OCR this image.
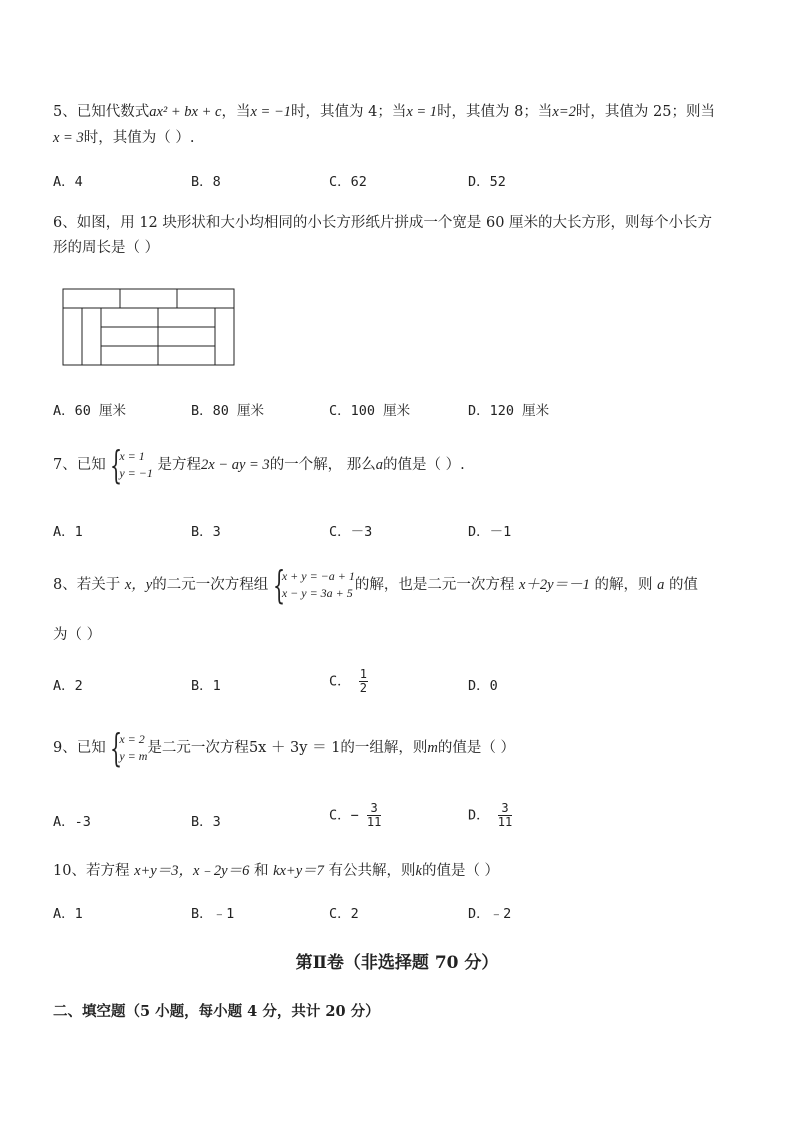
5、已知代数式ax² + bx + c，当x = −1时，其值为 4；当x = 1时，其值为 8；当x=2时，其值为 25；则当
x = 3时，其值为（ ）.
A．4	B．8	C．62	D．52
6、如图，用 12 块形状和大小均相同的小长方形纸片拼成一个宽是 60 厘米的大长方形，则每个小长方
形的周长是（ ）
A．60 厘米	B．80 厘米	C．100 厘米	D．120 厘米
7、已知 {
x = 1
y = −1 是方程2x − ay = 3的一个解， 那么a的值是（ ）.
A．1	B．3	C．－3	D．－1
8、若关于 x，y的二元一次方程组 {
x + y = −a + 1
x − y = 3a + 5 的解，也是二元一次方程 x＋2y＝－1 的解，则 a 的值
为（ ）
A．2	B．1	C． $\frac{1}{2}$	D．0
9、已知 {
x = 2
y = m 是二元一次方程5x ＋ 3y ＝ 1的一组解，则m的值是（ ）
A．-3	B．3	C．− $\frac{3}{11}$	D． $\frac{3}{11}$
10、若方程 x+y＝3，x﹣2y＝6 和 kx+y＝7 有公共解，则k的值是（ ）
A．1	B．﹣1	C．2	D．﹣2
第Ⅱ卷（非选择题 70 分）
二、填空题（5 小题，每小题 4 分，共计 20 分）
